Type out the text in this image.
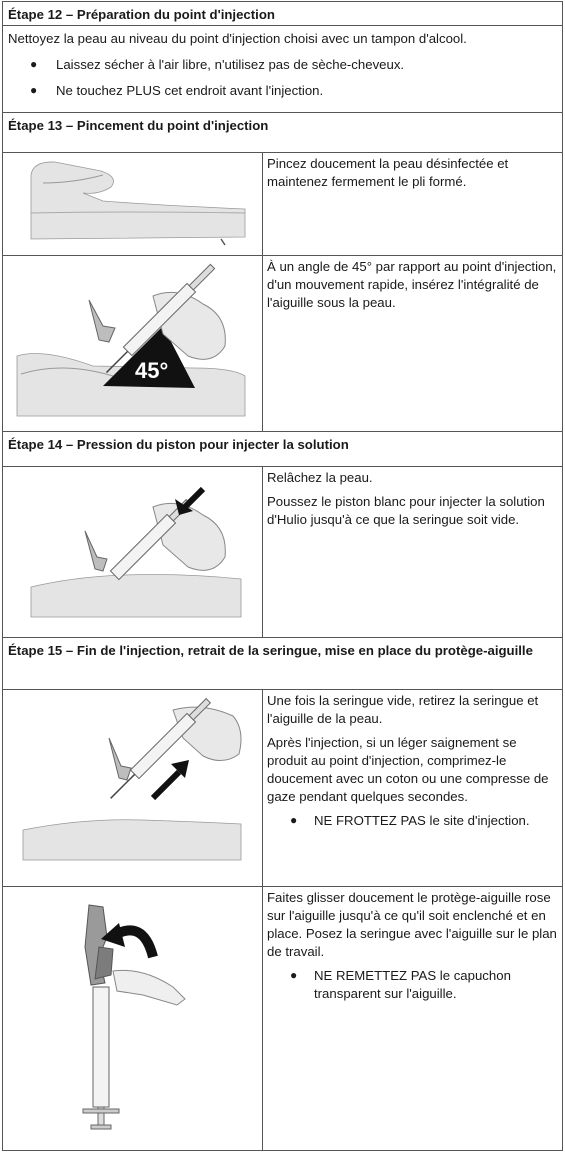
Étape 12 – Préparation du point d'injection

Nettoyez la peau au niveau du point d'injection choisi avec un tampon d'alcool.

● Laissez sécher à l'air libre, n'utilisez pas de sèche-cheveux.
● Ne touchez PLUS cet endroit avant l'injection.
Étape 13 – Pincement du point d'injection

Pincez doucement la peau désinfectée et maintenez fermement le pli formé.

45°

À un angle de 45° par rapport au point d'injection, d'un mouvement rapide, insérez l'intégralité de l'aiguille sous la peau.

Étape 14 – Pression du piston pour injecter la solution

Relâchez la peau.

Poussez le piston blanc pour injecter la solution d'Hulio jusqu'à ce que la seringue soit vide.

Étape 15 – Fin de l'injection, retrait de la seringue, mise en place du protège-aiguille

Une fois la seringue vide, retirez la seringue et l'aiguille de la peau.

Après l'injection, si un léger saignement se produit au point d'injection, comprimez-le doucement avec un coton ou une compresse de gaze pendant quelques secondes.

● NE FROTTEZ PAS le site d'injection.

Faites glisser doucement le protège-aiguille rose sur l'aiguille jusqu'à ce qu'il soit enclenché et en place. Posez la seringue avec l'aiguille sur le plan de travail.

● NE REMETTEZ PAS le capuchon transparent sur l'aiguille.
